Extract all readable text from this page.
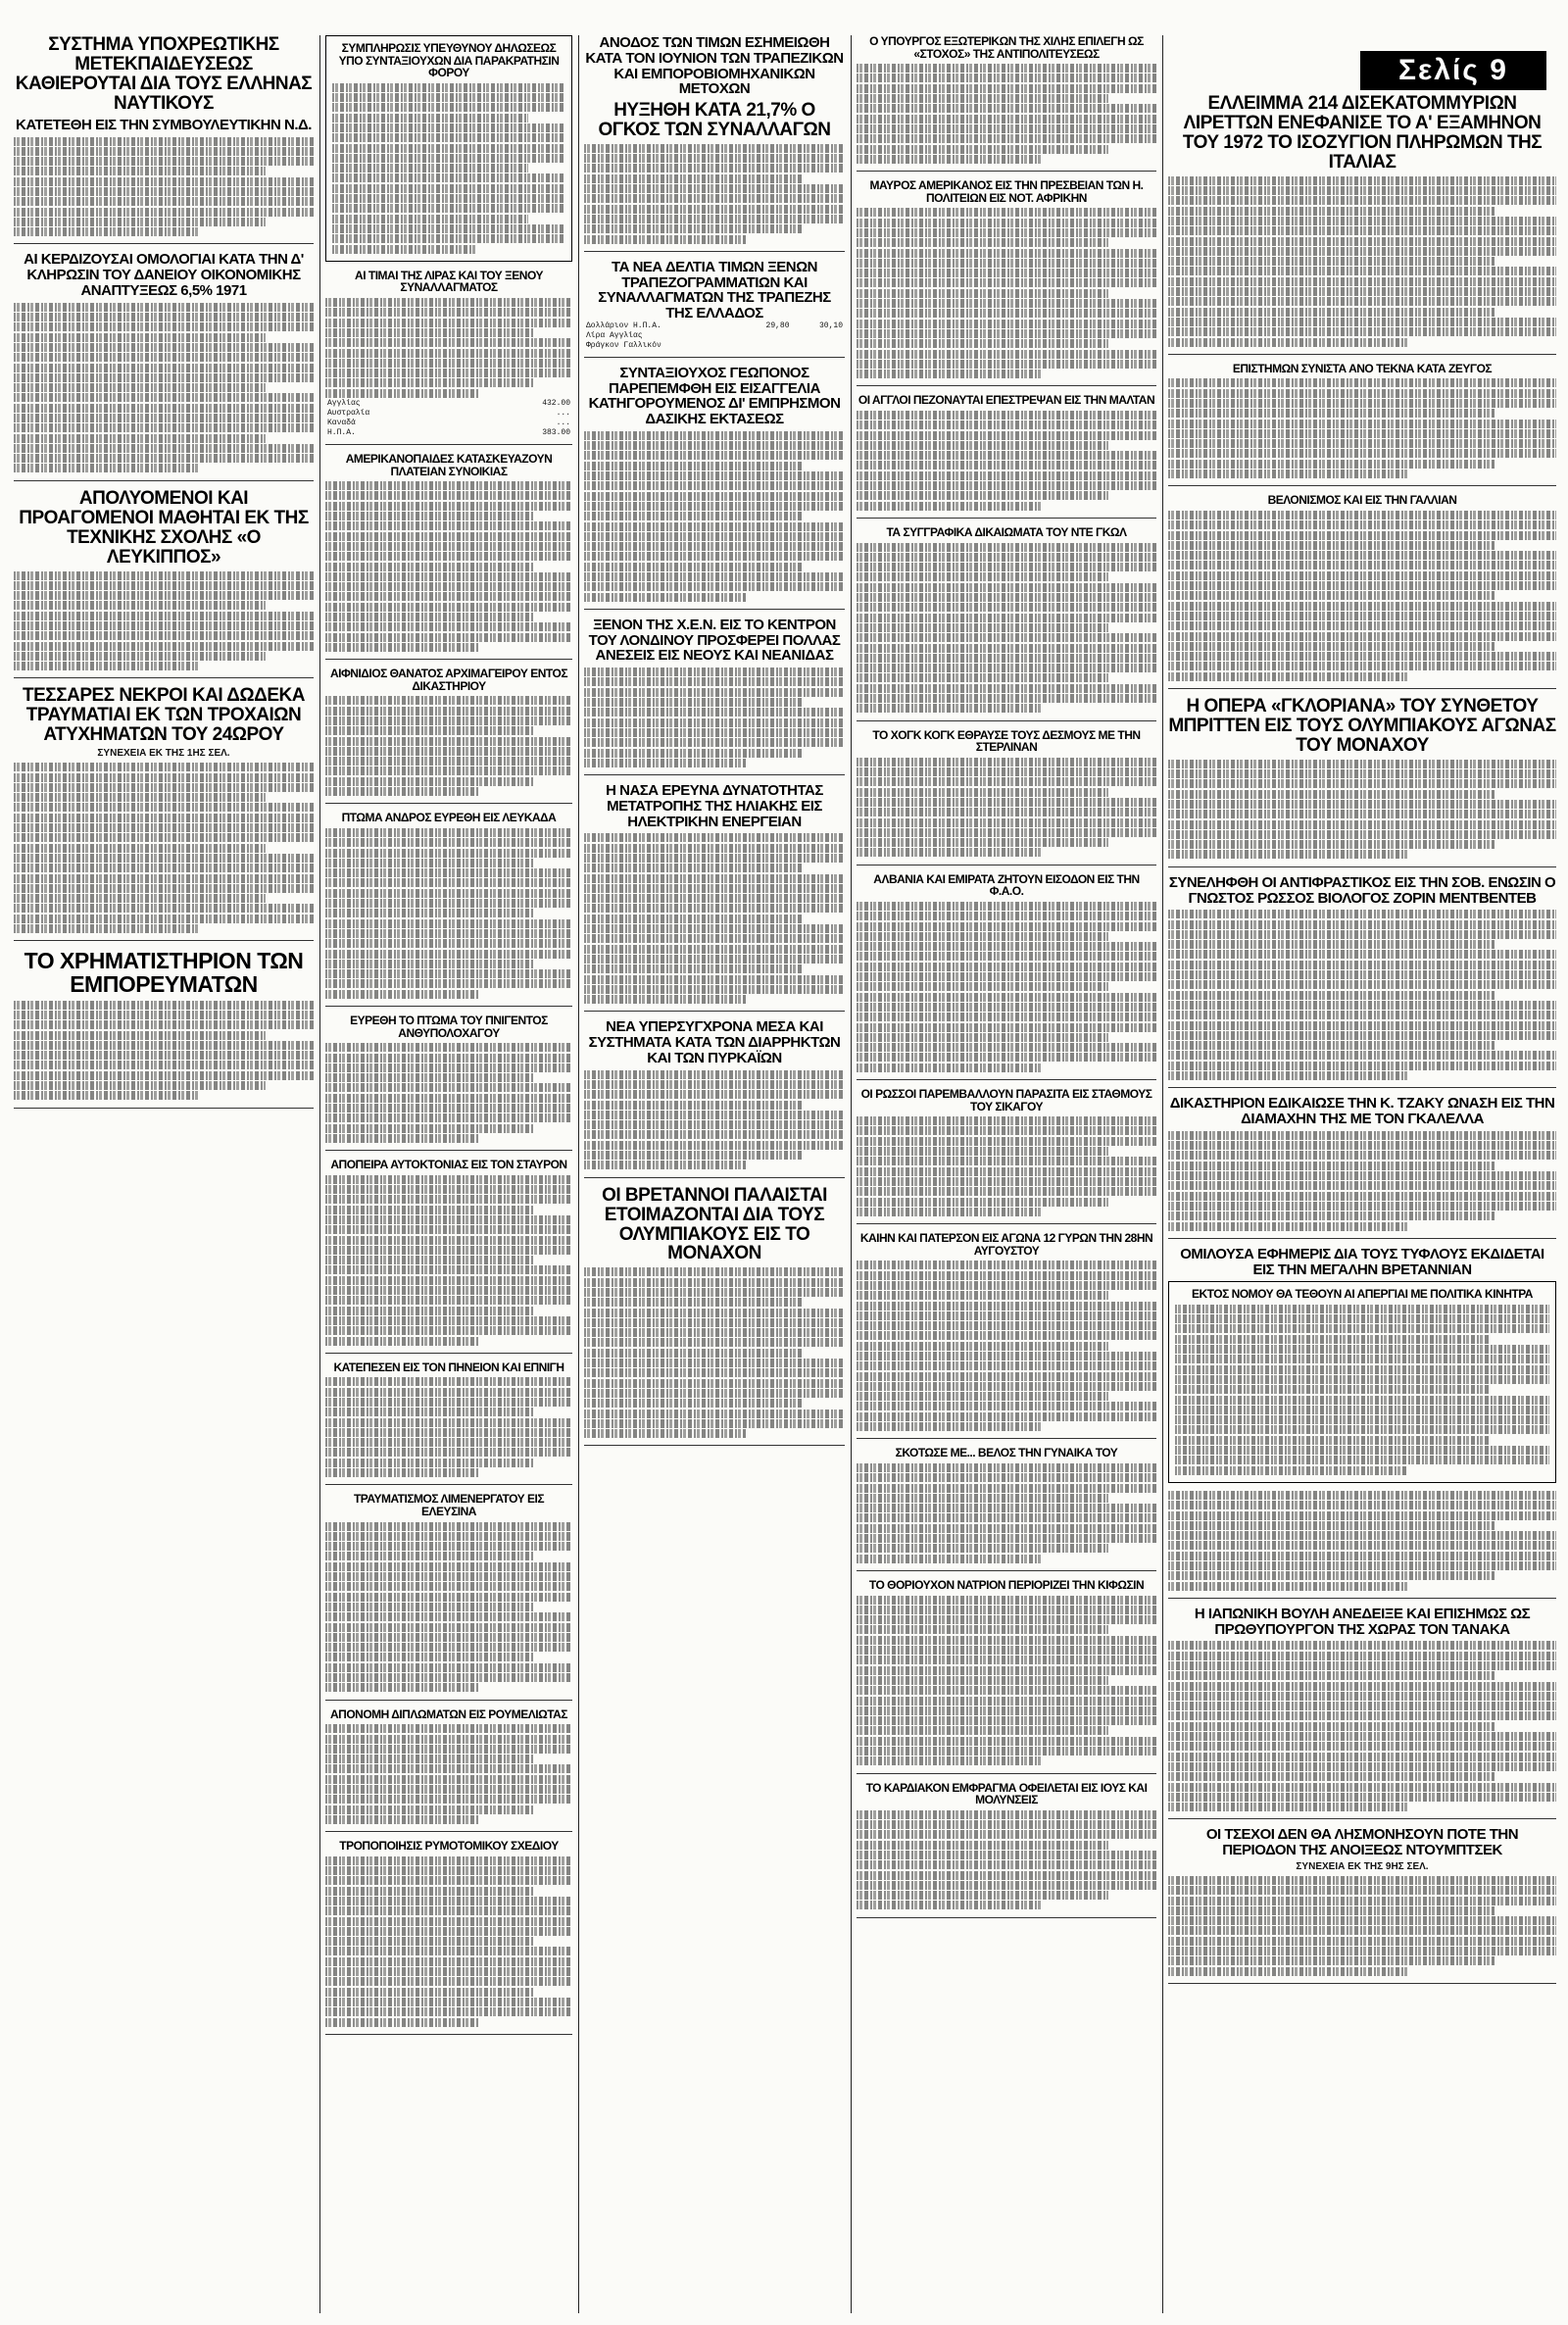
Σελίς 9
ΣΥΣΤΗΜΑ ΥΠΟΧΡΕΩΤΙΚΗΣ ΜΕΤΕΚΠΑΙΔΕΥΣΕΩΣ ΚΑΘΙΕΡΟΥΤΑΙ ΔΙΑ ΤΟΥΣ ΕΛΛΗΝΑΣ ΝΑΥΤΙΚΟΥΣ
ΚΑΤΕΤΕΘΗ ΕΙΣ ΤΗΝ ΣΥΜΒΟΥΛΕΥΤΙΚΗΝ Ν.Δ.
ΑΙ ΚΕΡΔΙΖΟΥΣΑΙ ΟΜΟΛΟΓΙΑΙ ΚΑΤΑ ΤΗΝ Δ' ΚΛΗΡΩΣΙΝ ΤΟΥ ΔΑΝΕΙΟΥ ΟΙΚΟΝΟΜΙΚΗΣ ΑΝΑΠΤΥΞΕΩΣ 6,5% 1971
ΑΠΟΛΥΟΜΕΝΟΙ ΚΑΙ ΠΡΟΑΓΟΜΕΝΟΙ ΜΑΘΗΤΑΙ ΕΚ ΤΗΣ ΤΕΧΝΙΚΗΣ ΣΧΟΛΗΣ «Ο ΛΕΥΚΙΠΠΟΣ»
ΤΕΣΣΑΡΕΣ ΝΕΚΡΟΙ ΚΑΙ ΔΩΔΕΚΑ ΤΡΑΥΜΑΤΙΑΙ ΕΚ ΤΩΝ ΤΡΟΧΑΙΩΝ ΑΤΥΧΗΜΑΤΩΝ ΤΟΥ 24ΩΡΟΥ
ΣΥΝΕΧΕΙΑ ΕΚ ΤΗΣ 1ΗΣ ΣΕΛ.
ΤΟ ΧΡΗΜΑΤΙΣΤΗΡΙΟΝ ΤΩΝ ΕΜΠΟΡΕΥΜΑΤΩΝ
ΣΥΜΠΛΗΡΩΣΙΣ ΥΠΕΥΘΥΝΟΥ ΔΗΛΩΣΕΩΣ ΥΠΟ ΣΥΝΤΑΞΙΟΥΧΩΝ ΔΙΑ ΠΑΡΑΚΡΑΤΗΣΙΝ ΦΟΡΟΥ
ΑΙ ΤΙΜΑΙ ΤΗΣ ΛΙΡΑΣ ΚΑΙ ΤΟΥ ΞΕΝΟΥ ΣΥΝΑΛΛΑΓΜΑΤΟΣ
Αγγλίας		432.00
Αυστραλία		...
Καναδά		...
Η.Π.Α.		383.00
ΑΜΕΡΙΚΑΝΟΠΑΙΔΕΣ ΚΑΤΑΣΚΕΥΑΖΟΥΝ ΠΛΑΤΕΙΑΝ ΣΥΝΟΙΚΙΑΣ
ΑΙΦΝΙΔΙΟΣ ΘΑΝΑΤΟΣ ΑΡΧΙΜΑΓΕΙΡΟΥ ΕΝΤΟΣ ΔΙΚΑΣΤΗΡΙΟΥ
ΠΤΩΜΑ ΑΝΔΡΟΣ ΕΥΡΕΘΗ ΕΙΣ ΛΕΥΚΑΔΑ
ΕΥΡΕΘΗ ΤΟ ΠΤΩΜΑ ΤΟΥ ΠΝΙΓΕΝΤΟΣ ΑΝΘΥΠΟΛΟΧΑΓΟΥ
ΑΠΟΠΕΙΡΑ ΑΥΤΟΚΤΟΝΙΑΣ ΕΙΣ ΤΟΝ ΣΤΑΥΡΟΝ
ΚΑΤΕΠΕΣΕΝ ΕΙΣ ΤΟΝ ΠΗΝΕΙΟΝ ΚΑΙ ΕΠΝΙΓΗ
ΤΡΑΥΜΑΤΙΣΜΟΣ ΛΙΜΕΝΕΡΓΑΤΟΥ ΕΙΣ ΕΛΕΥΣΙΝΑ
ΑΠΟΝΟΜΗ ΔΙΠΛΩΜΑΤΩΝ ΕΙΣ ΡΟΥΜΕΛΙΩΤΑΣ
ΤΡΟΠΟΠΟΙΗΣΙΣ ΡΥΜΟΤΟΜΙΚΟΥ ΣΧΕΔΙΟΥ
ΑΝΟΔΟΣ ΤΩΝ ΤΙΜΩΝ ΕΣΗΜΕΙΩΘΗ ΚΑΤΑ ΤΟΝ ΙΟΥΝΙΟΝ ΤΩΝ ΤΡΑΠΕΖΙΚΩΝ ΚΑΙ ΕΜΠΟΡΟΒΙΟΜΗΧΑΝΙΚΩΝ ΜΕΤΟΧΩΝ
ΗΥΞΗΘΗ ΚΑΤΑ 21,7% Ο ΟΓΚΟΣ ΤΩΝ ΣΥΝΑΛΛΑΓΩΝ
ΤΑ ΝΕΑ ΔΕΛΤΙΑ ΤΙΜΩΝ ΞΕΝΩΝ ΤΡΑΠΕΖΟΓΡΑΜΜΑΤΙΩΝ ΚΑΙ ΣΥΝΑΛΛΑΓΜΑΤΩΝ ΤΗΣ ΤΡΑΠΕΖΗΣ ΤΗΣ ΕΛΛΑΔΟΣ
Δολλάριον Η.Π.Α.	29,80	30,10
Λίρα Αγγλίας		
Φράγκον Γαλλικόν		
ΣΥΝΤΑΞΙΟΥΧΟΣ ΓΕΩΠΟΝΟΣ ΠΑΡΕΠΕΜΦΘΗ ΕΙΣ ΕΙΣΑΓΓΕΛΙΑ ΚΑΤΗΓΟΡΟΥΜΕΝΟΣ ΔΙ' ΕΜΠΡΗΣΜΟΝ ΔΑΣΙΚΗΣ ΕΚΤΑΣΕΩΣ
ΞΕΝΟΝ ΤΗΣ Χ.Ε.Ν. ΕΙΣ ΤΟ ΚΕΝΤΡΟΝ ΤΟΥ ΛΟΝΔΙΝΟΥ ΠΡΟΣΦΕΡΕΙ ΠΟΛΛΑΣ ΑΝΕΣΕΙΣ ΕΙΣ ΝΕΟΥΣ ΚΑΙ ΝΕΑΝΙΔΑΣ
Η ΝΑΣΑ ΕΡΕΥΝΑ ΔΥΝΑΤΟΤΗΤΑΣ ΜΕΤΑΤΡΟΠΗΣ ΤΗΣ ΗΛΙΑΚΗΣ ΕΙΣ ΗΛΕΚΤΡΙΚΗΝ ΕΝΕΡΓΕΙΑΝ
ΝΕΑ ΥΠΕΡΣΥΓΧΡΟΝΑ ΜΕΣΑ ΚΑΙ ΣΥΣΤΗΜΑΤΑ ΚΑΤΑ ΤΩΝ ΔΙΑΡΡΗΚΤΩΝ ΚΑΙ ΤΩΝ ΠΥΡΚΑΪΩΝ
ΟΙ ΒΡΕΤΑΝΝΟΙ ΠΑΛΑΙΣΤΑΙ ΕΤΟΙΜΑΖΟΝΤΑΙ ΔΙΑ ΤΟΥΣ ΟΛΥΜΠΙΑΚΟΥΣ ΕΙΣ ΤΟ ΜΟΝΑΧΟΝ
Ο ΥΠΟΥΡΓΟΣ ΕΞΩΤΕΡΙΚΩΝ ΤΗΣ ΧΙΛΗΣ ΕΠΙΛΕΓΗ ΩΣ «ΣΤΟΧΟΣ» ΤΗΣ ΑΝΤΙΠΟΛΙΤΕΥΣΕΩΣ
ΜΑΥΡΟΣ ΑΜΕΡΙΚΑΝΟΣ ΕΙΣ ΤΗΝ ΠΡΕΣΒΕΙΑΝ ΤΩΝ Η. ΠΟΛΙΤΕΙΩΝ ΕΙΣ ΝΟΤ. ΑΦΡΙΚΗΝ
ΟΙ ΑΓΓΛΟΙ ΠΕΖΟΝΑΥΤΑΙ ΕΠΕΣΤΡΕΨΑΝ ΕΙΣ ΤΗΝ ΜΑΛΤΑΝ
ΤΑ ΣΥΓΓΡΑΦΙΚΑ ΔΙΚΑΙΩΜΑΤΑ ΤΟΥ ΝΤΕ ΓΚΩΛ
ΤΟ ΧΟΓΚ ΚΟΓΚ ΕΘΡΑΥΣΕ ΤΟΥΣ ΔΕΣΜΟΥΣ ΜΕ ΤΗΝ ΣΤΕΡΛΙΝΑΝ
ΑΛΒΑΝΙΑ ΚΑΙ ΕΜΙΡΑΤΑ ΖΗΤΟΥΝ ΕΙΣΟΔΟΝ ΕΙΣ ΤΗΝ Φ.Α.Ο.
ΟΙ ΡΩΣΣΟΙ ΠΑΡΕΜΒΑΛΛΟΥΝ ΠΑΡΑΣΙΤΑ ΕΙΣ ΣΤΑΘΜΟΥΣ ΤΟΥ ΣΙΚΑΓΟΥ
ΚΑΙΗΝ ΚΑΙ ΠΑΤΕΡΣΟΝ ΕΙΣ ΑΓΩΝΑ 12 ΓΥΡΩΝ ΤΗΝ 28ΗΝ ΑΥΓΟΥΣΤΟΥ
ΣΚΟΤΩΣΕ ΜΕ... ΒΕΛΟΣ ΤΗΝ ΓΥΝΑΙΚΑ ΤΟΥ
ΤΟ ΘΟΡΙΟΥΧΟΝ ΝΑΤΡΙΟΝ ΠΕΡΙΟΡΙΖΕΙ ΤΗΝ ΚΙΦΩΣΙΝ
ΤΟ ΚΑΡΔΙΑΚΟΝ ΕΜΦΡΑΓΜΑ ΟΦΕΙΛΕΤΑΙ ΕΙΣ ΙΟΥΣ ΚΑΙ ΜΟΛΥΝΣΕΙΣ
ΕΛΛΕΙΜΜΑ 214 ΔΙΣΕΚΑΤΟΜΜΥΡΙΩΝ ΛΙΡΕΤΤΩΝ ΕΝΕΦΑΝΙΣΕ ΤΟ Α' ΕΞΑΜΗΝΟΝ ΤΟΥ 1972 ΤΟ ΙΣΟΖΥΓΙΟΝ ΠΛΗΡΩΜΩΝ ΤΗΣ ΙΤΑΛΙΑΣ
ΕΠΙΣΤΗΜΩΝ ΣΥΝΙΣΤΑ ΑΝΟ ΤΕΚΝΑ ΚΑΤΑ ΖΕΥΓΟΣ
ΒΕΛΟΝΙΣΜΟΣ ΚΑΙ ΕΙΣ ΤΗΝ ΓΑΛΛΙΑΝ
Η ΟΠΕΡΑ «ΓΚΛΟΡΙΑΝΑ» ΤΟΥ ΣΥΝΘΕΤΟΥ ΜΠΡΙΤΤΕΝ ΕΙΣ ΤΟΥΣ ΟΛΥΜΠΙΑΚΟΥΣ ΑΓΩΝΑΣ ΤΟΥ ΜΟΝΑΧΟΥ
ΣΥΝΕΛΗΦΘΗ ΟΙ ΑΝΤΙΦΡΑΣΤΙΚΟΣ ΕΙΣ ΤΗΝ ΣΟΒ. ΕΝΩΣΙΝ Ο ΓΝΩΣΤΟΣ ΡΩΣΣΟΣ ΒΙΟΛΟΓΟΣ ΖΟΡΙΝ ΜΕΝΤΒΕΝΤΕΒ
ΔΙΚΑΣΤΗΡΙΟΝ ΕΔΙΚΑΙΩΣΕ ΤΗΝ Κ. ΤΖΑΚΥ ΩΝΑΣΗ ΕΙΣ ΤΗΝ ΔΙΑΜΑΧΗΝ ΤΗΣ ΜΕ ΤΟΝ ΓΚΑΛΕΛΛΑ
ΟΜΙΛΟΥΣΑ ΕΦΗΜΕΡΙΣ ΔΙΑ ΤΟΥΣ ΤΥΦΛΟΥΣ ΕΚΔΙΔΕΤΑΙ ΕΙΣ ΤΗΝ ΜΕΓΑΛΗΝ ΒΡΕΤΑΝΝΙΑΝ
ΕΚΤΟΣ ΝΟΜΟΥ ΘΑ ΤΕΘΟΥΝ ΑΙ ΑΠΕΡΓΙΑΙ ΜΕ ΠΟΛΙΤΙΚΑ ΚΙΝΗΤΡΑ
Η ΙΑΠΩΝΙΚΗ ΒΟΥΛΗ ΑΝΕΔΕΙΞΕ ΚΑΙ ΕΠΙΣΗΜΩΣ ΩΣ ΠΡΩΘΥΠΟΥΡΓΟΝ ΤΗΣ ΧΩΡΑΣ ΤΟΝ ΤΑΝΑΚΑ
ΟΙ ΤΣΕΧΟΙ ΔΕΝ ΘΑ ΛΗΣΜΟΝΗΣΟΥΝ ΠΟΤΕ ΤΗΝ ΠΕΡΙΟΔΟΝ ΤΗΣ ΑΝΟΙΞΕΩΣ ΝΤΟΥΜΠΤΣΕΚ
ΣΥΝΕΧΕΙΑ ΕΚ ΤΗΣ 9ΗΣ ΣΕΛ.
